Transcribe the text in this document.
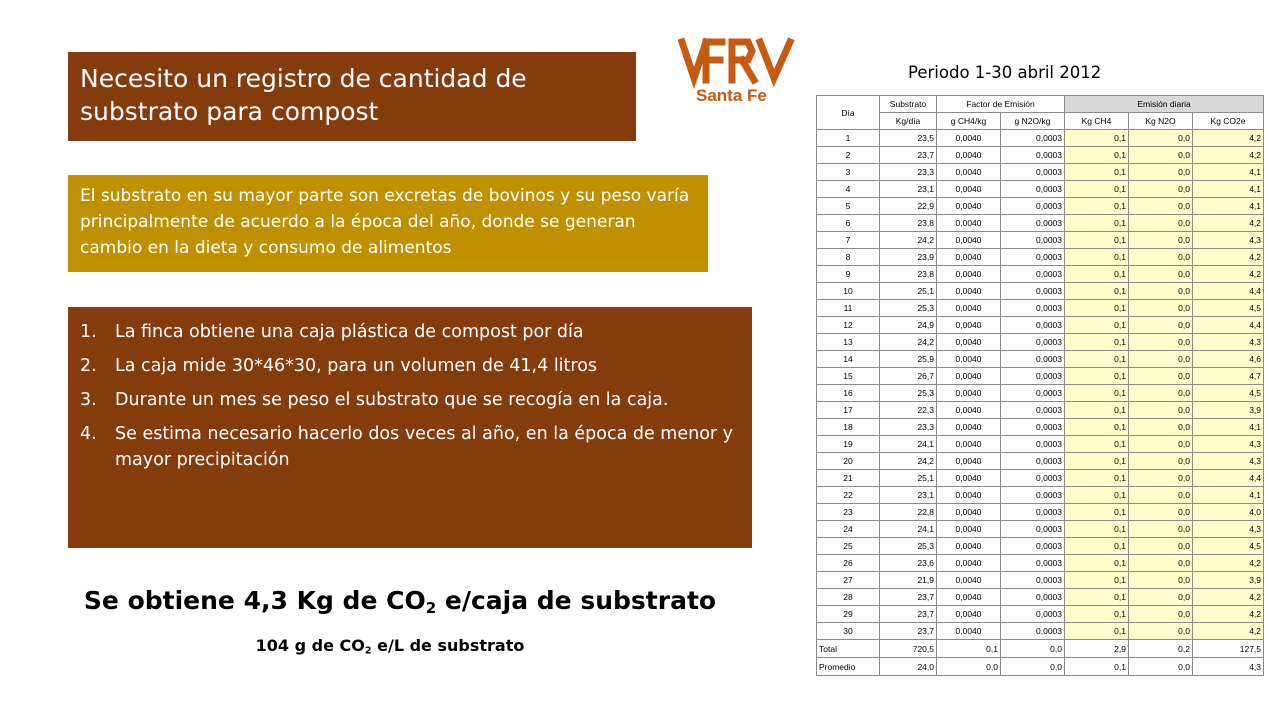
Necesito un registro de cantidad de substrato para compost
El substrato en su mayor parte son excretas de bovinos y su peso varía principalmente de acuerdo a la época del año, donde se generan cambio en la dieta y consumo de alimentos
1.	La finca obtiene una caja plástica de compost por día
2.	La caja mide 30*46*30, para un volumen de 41,4 litros
3.	Durante un mes se peso el substrato que se recogía en la caja.
4.	Se estima necesario hacerlo dos veces al año, en la época de menor y mayor precipitación
Se obtiene 4,3 Kg de $CO_2$ e/caja de substrato
104 g de $CO_2$ e/L de substrato
Santa Fe
Periodo 1-30 abril 2012
Día	Substrato	Factor de Emisión		Emisión diaria		
	Kg/día	g CH4/kg	g N2O/kg	Kg CH4	Kg N2O	Kg CO2e
1	23,5	0,0040	0,0003	0,1	0,0	4,2
2	23,7	0,0040	0,0003	0,1	0,0	4,2
3	23,3	0,0040	0,0003	0,1	0,0	4,1
4	23,1	0,0040	0,0003	0,1	0,0	4,1
5	22,9	0,0040	0,0003	0,1	0,0	4,1
6	23,8	0,0040	0,0003	0,1	0,0	4,2
7	24,2	0,0040	0,0003	0,1	0,0	4,3
8	23,9	0,0040	0,0003	0,1	0,0	4,2
9	23,8	0,0040	0,0003	0,1	0,0	4,2
10	25,1	0,0040	0,0003	0,1	0,0	4,4
11	25,3	0,0040	0,0003	0,1	0,0	4,5
12	24,9	0,0040	0,0003	0,1	0,0	4,4
13	24,2	0,0040	0,0003	0,1	0,0	4,3
14	25,9	0,0040	0,0003	0,1	0,0	4,6
15	26,7	0,0040	0,0003	0,1	0,0	4,7
16	25,3	0,0040	0,0003	0,1	0,0	4,5
17	22,3	0,0040	0,0003	0,1	0,0	3,9
18	23,3	0,0040	0,0003	0,1	0,0	4,1
19	24,1	0,0040	0,0003	0,1	0,0	4,3
20	24,2	0,0040	0,0003	0,1	0,0	4,3
21	25,1	0,0040	0,0003	0,1	0,0	4,4
22	23,1	0,0040	0,0003	0,1	0,0	4,1
23	22,8	0,0040	0,0003	0,1	0,0	4,0
24	24,1	0,0040	0,0003	0,1	0,0	4,3
25	25,3	0,0040	0,0003	0,1	0,0	4,5
26	23,6	0,0040	0,0003	0,1	0,0	4,2
27	21,9	0,0040	0,0003	0,1	0,0	3,9
28	23,7	0,0040	0,0003	0,1	0,0	4,2
29	23,7	0,0040	0,0003	0,1	0,0	4,2
30	23,7	0,0040	0,0003	0,1	0,0	4,2
Total	720,5	0,1	0,0	2,9	0,2	127,5
Promedio	24,0	0,0	0,0	0,1	0,0	4,3
